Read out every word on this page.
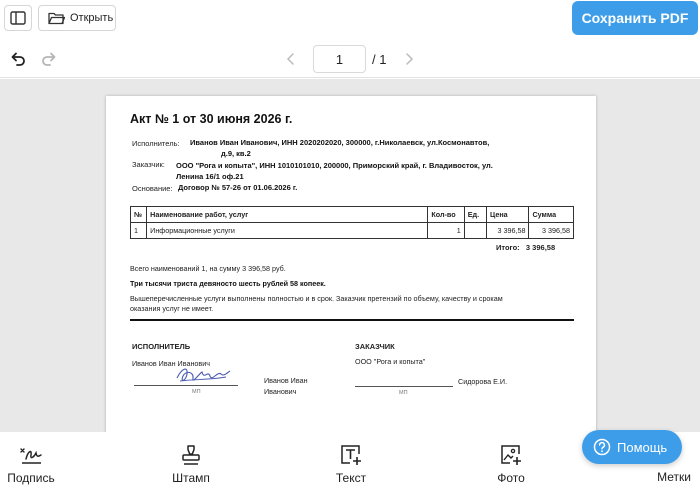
Открыть	Сохранить PDF
1	/ 1
Акт № 1 от 30 июня 2026 г.
Исполнитель: Иванов Иван Иванович, ИНН 2020202020, 300000, г.Николаевск, ул.Космонавтов,
д.9, кв.2
Заказчик: ООО "Рога и копыта", ИНН 1010101010, 200000, Приморский край, г. Владивосток, ул.
Ленина 16/1 оф.21
Основание: Договор № 57-26 от 01.06.2026 г.
№	Наименование работ, услуг	Кол-во	Ед.	Цена	Сумма
1	Информационные услуги	1		3 396,58	3 396,58
Итого: 3 396,58
Всего наименований 1, на сумму 3 396,58 руб.
Три тысячи триста девяносто шесть рублей 58 копеек.
Вышеперечисленные услуги выполнены полностью и в срок. Заказчик претензий по объему, качеству и срокам
оказания услуг не имеет.
ИСПОЛНИТЕЛЬ
Иванов Иван Иванович
МП
Иванов Иван
Иванович
ЗАКАЗЧИК
ООО "Рога и копыта"
МП
Сидорова Е.И.
Подпись	Штамп	Текст	Фото	Метки
Помощь
